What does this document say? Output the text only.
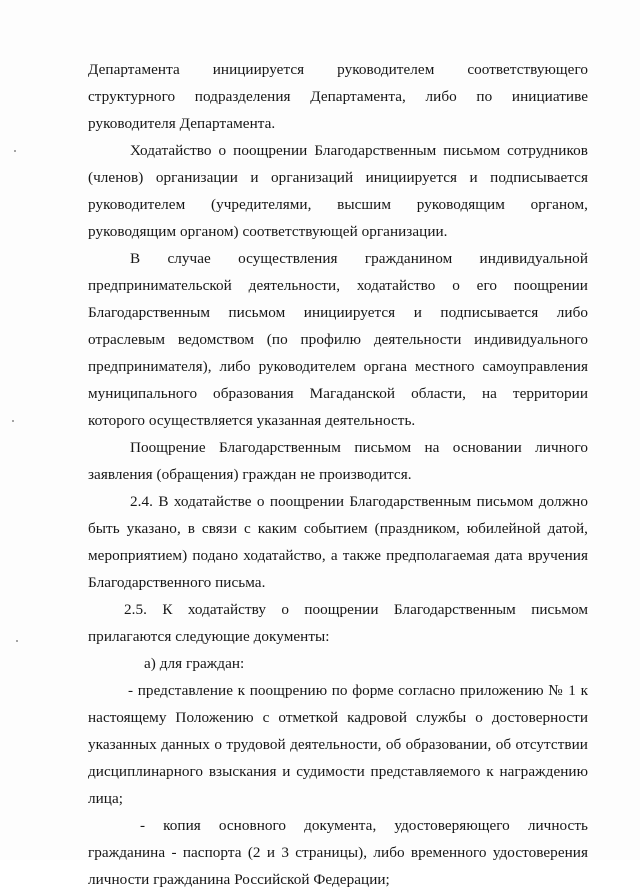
Департамента инициируется руководителем соответствующего структурного подразделения Департамента, либо по инициативе руководителя Департамента.

Ходатайство о поощрении Благодарственным письмом сотрудников (членов) организации и организаций инициируется и подписывается руководителем (учредителями, высшим руководящим органом, руководящим органом) соответствующей организации.

В случае осуществления гражданином индивидуальной предпринимательской деятельности, ходатайство о его поощрении Благодарственным письмом инициируется и подписывается либо отраслевым ведомством (по профилю деятельности индивидуального предпринимателя), либо руководителем органа местного самоуправления муниципального образования Магаданской области, на территории которого осуществляется указанная деятельность.

Поощрение Благодарственным письмом на основании личного заявления (обращения) граждан не производится.

2.4. В ходатайстве о поощрении Благодарственным письмом должно быть указано, в связи с каким событием (праздником, юбилейной датой, мероприятием) подано ходатайство, а также предполагаемая дата вручения Благодарственного письма.

2.5. К ходатайству о поощрении Благодарственным письмом прилагаются следующие документы:

а) для граждан:

- представление к поощрению по форме согласно приложению № 1 к настоящему Положению с отметкой кадровой службы о достоверности указанных данных о трудовой деятельности, об образовании, об отсутствии дисциплинарного взыскания и судимости представляемого к награждению лица;

- копия основного документа, удостоверяющего личность гражданина - паспорта (2 и 3 страницы), либо временного удостоверения личности гражданина Российской Федерации;
